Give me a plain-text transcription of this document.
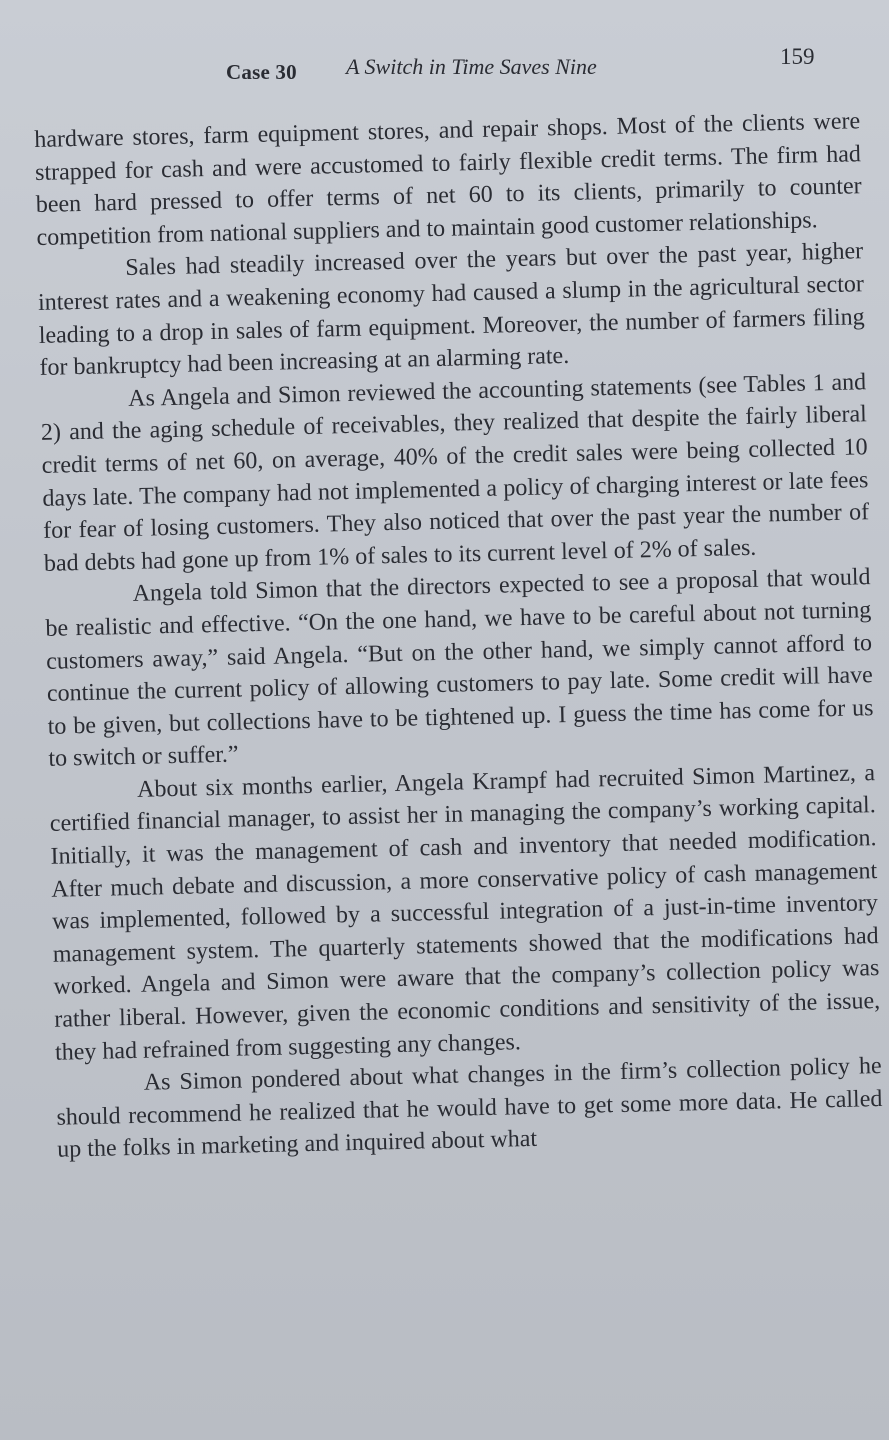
Case 30 A Switch in Time Saves Nine	159

hardware stores, farm equipment stores, and repair shops. Most of the clients were strapped for cash and were accustomed to fairly flexible credit terms. The firm had been hard pressed to offer terms of net 60 to its clients, primarily to counter competition from national suppliers and to maintain good customer relationships.

Sales had steadily increased over the years but over the past year, higher interest rates and a weakening economy had caused a slump in the agricultural sector leading to a drop in sales of farm equipment. Moreover, the number of farmers filing for bankruptcy had been increasing at an alarming rate.

As Angela and Simon reviewed the accounting statements (see Tables 1 and 2) and the aging schedule of receivables, they realized that despite the fairly liberal credit terms of net 60, on average, 40% of the credit sales were being collected 10 days late. The company had not implemented a policy of charging interest or late fees for fear of losing customers. They also noticed that over the past year the number of bad debts had gone up from 1% of sales to its current level of 2% of sales.

Angela told Simon that the directors expected to see a proposal that would be realistic and effective. “On the one hand, we have to be careful about not turning customers away,” said Angela. “But on the other hand, we simply cannot afford to continue the current policy of allowing customers to pay late. Some credit will have to be given, but collections have to be tightened up. I guess the time has come for us to switch or suffer.”

About six months earlier, Angela Krampf had recruited Simon Martinez, a certified financial manager, to assist her in managing the company’s working capital. Initially, it was the management of cash and inventory that needed modification. After much debate and discussion, a more conservative policy of cash management was implemented, followed by a successful integration of a just-in-time inventory management system. The quarterly statements showed that the modifications had worked. Angela and Simon were aware that the company’s collection policy was rather liberal. However, given the economic conditions and sensitivity of the issue, they had refrained from suggesting any changes.

As Simon pondered about what changes in the firm’s collection policy he should recommend he realized that he would have to get some more data. He called up the folks in marketing and inquired about what
